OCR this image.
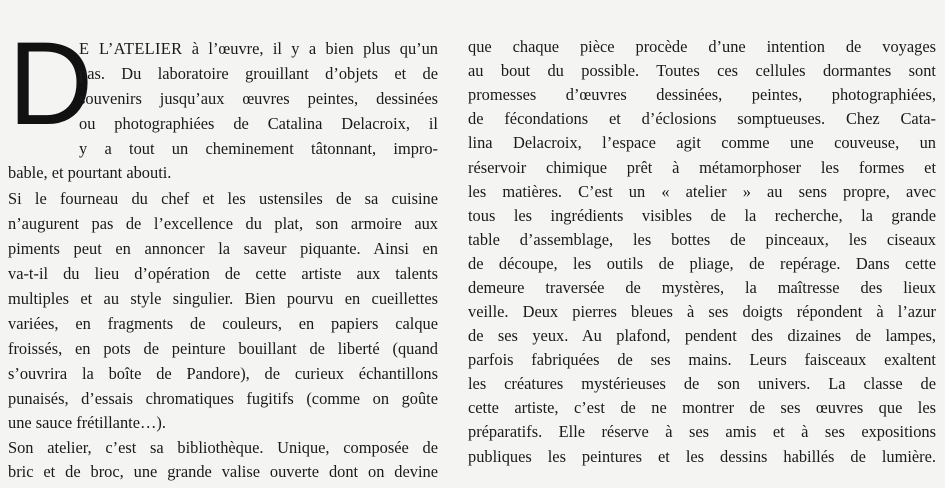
D
E L’ATELIER à l’œuvre, il y a bien plus qu’un
pas. Du laboratoire grouillant d’objets et de
souvenirs jusqu’aux œuvres peintes, dessinées
ou photographiées de Catalina Delacroix, il
y a tout un cheminement tâtonnant, impro-
bable, et pourtant abouti.
Si le fourneau du chef et les ustensiles de sa cuisine
n’augurent pas de l’excellence du plat, son armoire aux
piments peut en annoncer la saveur piquante. Ainsi en
va-t-il du lieu d’opération de cette artiste aux talents
multiples et au style singulier. Bien pourvu en cueillettes
variées, en fragments de couleurs, en papiers calque
froissés, en pots de peinture bouillant de liberté (quand
s’ouvrira la boîte de Pandore), de curieux échantillons
punaisés, d’essais chromatiques fugitifs (comme on goûte
une sauce frétillante…).
Son atelier, c’est sa bibliothèque. Unique, composée de
bric et de broc, une grande valise ouverte dont on devine
que chaque pièce procède d’une intention de voyages
au bout du possible. Toutes ces cellules dormantes sont
promesses d’œuvres dessinées, peintes, photographiées,
de fécondations et d’éclosions somptueuses. Chez Cata-
lina Delacroix, l’espace agit comme une couveuse, un
réservoir chimique prêt à métamorphoser les formes et
les matières. C’est un « atelier » au sens propre, avec
tous les ingrédients visibles de la recherche, la grande
table d’assemblage, les bottes de pinceaux, les ciseaux
de découpe, les outils de pliage, de repérage. Dans cette
demeure traversée de mystères, la maîtresse des lieux
veille. Deux pierres bleues à ses doigts répondent à l’azur
de ses yeux. Au plafond, pendent des dizaines de lampes,
parfois fabriquées de ses mains. Leurs faisceaux exaltent
les créatures mystérieuses de son univers. La classe de
cette artiste, c’est de ne montrer de ses œuvres que les
préparatifs. Elle réserve à ses amis et à ses expositions
publiques les peintures et les dessins habillés de lumière.
